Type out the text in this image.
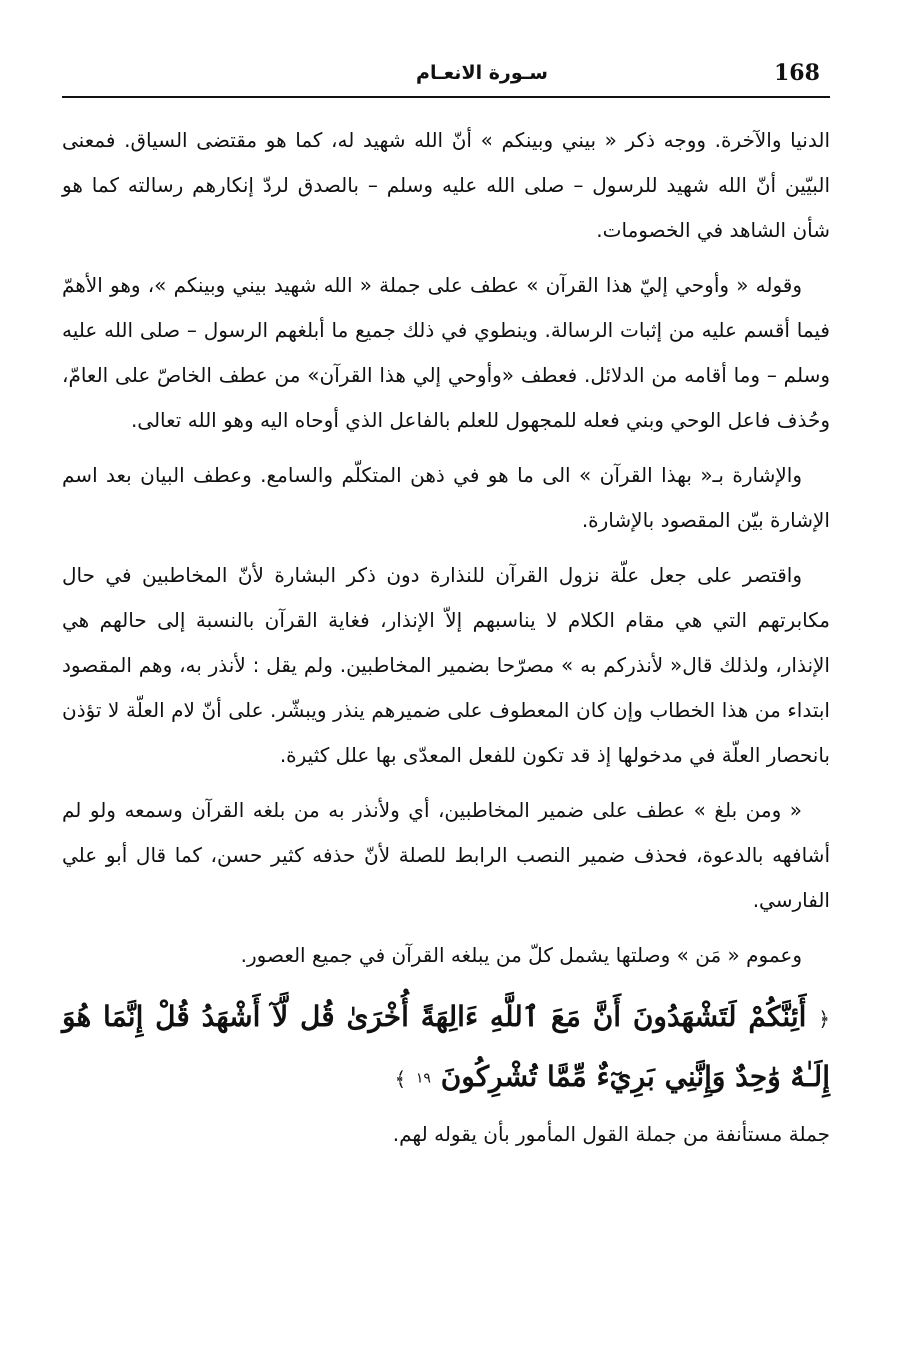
168
سـورة الانعـام

الدنيا والآخرة. ووجه ذكر « بيني وبينكم » أنّ الله شهيد له، كما هو مقتضى السياق. فمعنى البيّين أنّ الله شهيد للرسول – صلى الله عليه وسلم – بالصدق لردّ إنكارهم رسالته كما هو شأن الشاهد في الخصومات.

وقوله « وأوحي إليّ هذا القرآن » عطف على جملة « الله شهيد بيني وبينكم »، وهو الأهمّ فيما أقسم عليه من إثبات الرسالة. وينطوي في ذلك جميع ما أبلغهم الرسول – صلى الله عليه وسلم – وما أقامه من الدلائل. فعطف «وأوحي إلي هذا القرآن» من عطف الخاصّ على العامّ، وحُذف فاعل الوحي وبني فعله للمجهول للعلم بالفاعل الذي أوحاه اليه وهو الله تعالى.

والإشارة بـ« بهذا القرآن » الى ما هو في ذهن المتكلّم والسامع. وعطف البيان بعد اسم الإشارة بيّن المقصود بالإشارة.

واقتصر على جعل علّة نزول القرآن للنذارة دون ذكر البشارة لأنّ المخاطبين في حال مكابرتهم التي هي مقام الكلام لا يناسبهم إلاّ الإنذار، فغاية القرآن بالنسبة إلى حالهم هي الإنذار، ولذلك قال« لأنذركم به » مصرّحا بضمير المخاطبين. ولم يقل : لأنذر به، وهم المقصود ابتداء من هذا الخطاب وإن كان المعطوف على ضميرهم ينذر ويبشّر. على أنّ لام العلّة لا تؤذن بانحصار العلّة في مدخولها إذ قد تكون للفعل المعدّى بها علل كثيرة.

« ومن بلغ » عطف على ضمير المخاطبين، أي ولأنذر به من بلغه القرآن وسمعه ولو لم أشافهه بالدعوة، فحذف ضمير النصب الرابط للصلة لأنّ حذفه كثير حسن، كما قال أبو علي الفارسي.

وعموم « مَن » وصلتها يشمل كلّ من يبلغه القرآن في جميع العصور.

﴿ أَئِنَّكُمْ لَتَشْهَدُونَ أَنَّ مَعَ ٱللَّهِ ءَالِهَةً أُخْرَىٰ قُل لَّآ أَشْهَدُ قُلْ إِنَّمَا هُوَ إِلَـٰهٌ وَٰحِدٌ وَإِنَّنِي بَرِيٓءٌ مِّمَّا تُشْرِكُونَ ١٩ ﴾

جملة مستأنفة من جملة القول المأمور بأن يقوله لهم.
